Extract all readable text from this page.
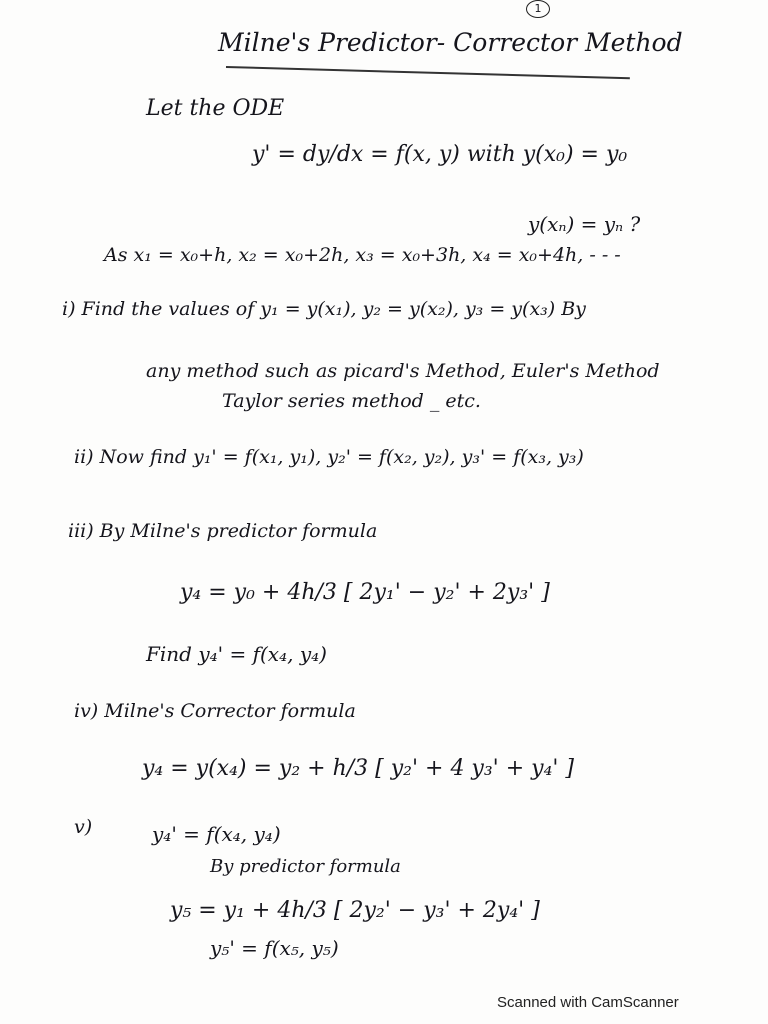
1
Milne's Predictor- Corrector Method
Let the ODE
y' = dy/dx = f(x, y) with y(x₀) = y₀
y(xₙ) = yₙ ?
As x₁ = x₀+h, x₂ = x₀+2h, x₃ = x₀+3h, x₄ = x₀+4h, - - -
i) Find the values of y₁ = y(x₁), y₂ = y(x₂), y₃ = y(x₃) By
any method such as picard's Method, Euler's Method
Taylor series method _ etc.
ii) Now find y₁' = f(x₁, y₁), y₂' = f(x₂, y₂), y₃' = f(x₃, y₃)
iii) By Milne's predictor formula
y₄ = y₀ + 4h/3 [ 2y₁' − y₂' + 2y₃' ]
Find y₄' = f(x₄, y₄)
iv) Milne's Corrector formula
y₄ = y(x₄) = y₂ + h/3 [ y₂' + 4 y₃' + y₄' ]
v)	y₄' = f(x₄, y₄)
By predictor formula
y₅ = y₁ + 4h/3 [ 2y₂' − y₃' + 2y₄' ]
y₅' = f(x₅, y₅)
Scanned with CamScanner
